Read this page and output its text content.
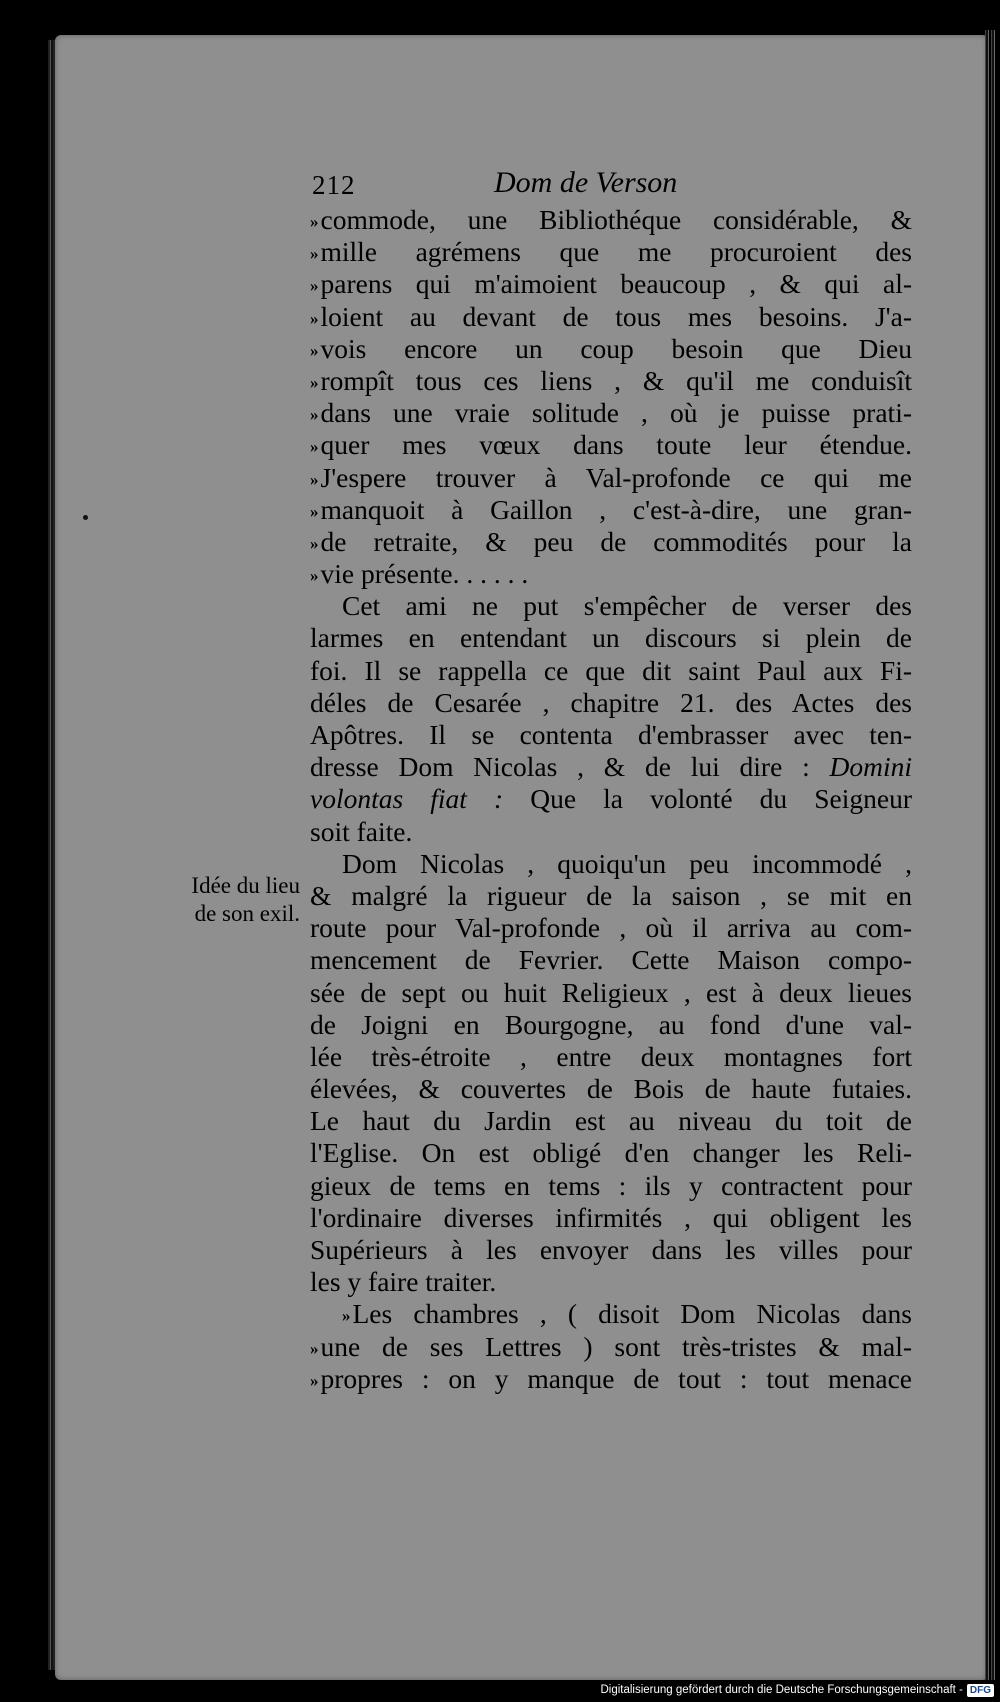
212	Dom de Verson
Idée du lieu
de son exil.
»commode, une Bibliothéque considérable, &
»mille agrémens que me procuroient des
»parens qui m'aimoient beaucoup , & qui al-
»loient au devant de tous mes besoins. J'a-
»vois encore un coup besoin que Dieu
»rompît tous ces liens , & qu'il me conduisît
»dans une vraie solitude , où je puisse prati-
»quer mes vœux dans toute leur étendue.
»J'espere trouver à Val-profonde ce qui me
»manquoit à Gaillon , c'est-à-dire, une gran-
»de retraite, & peu de commodités pour la
»vie présente. . . . . .
Cet ami ne put s'empêcher de verser des
larmes en entendant un discours si plein de
foi. Il se rappella ce que dit saint Paul aux Fi-
déles de Cesarée , chapitre 21. des Actes des
Apôtres. Il se contenta d'embrasser avec ten-
dresse Dom Nicolas , & de lui dire : Domini
volontas fiat : Que la volonté du Seigneur
soit faite.
Dom Nicolas , quoiqu'un peu incommodé ,
& malgré la rigueur de la saison , se mit en
route pour Val-profonde , où il arriva au com-
mencement de Fevrier. Cette Maison compo-
sée de sept ou huit Religieux , est à deux lieues
de Joigni en Bourgogne, au fond d'une val-
lée très-étroite , entre deux montagnes fort
élevées, & couvertes de Bois de haute futaies.
Le haut du Jardin est au niveau du toit de
l'Eglise. On est obligé d'en changer les Reli-
gieux de tems en tems : ils y contractent pour
l'ordinaire diverses infirmités , qui obligent les
Supérieurs à les envoyer dans les villes pour
les y faire traiter.
»Les chambres , ( disoit Dom Nicolas dans
»une de ses Lettres ) sont très-tristes & mal-
»propres : on y manque de tout : tout menace
Digitalisierung gefördert durch die Deutsche Forschungsgemeinschaft - DFG
